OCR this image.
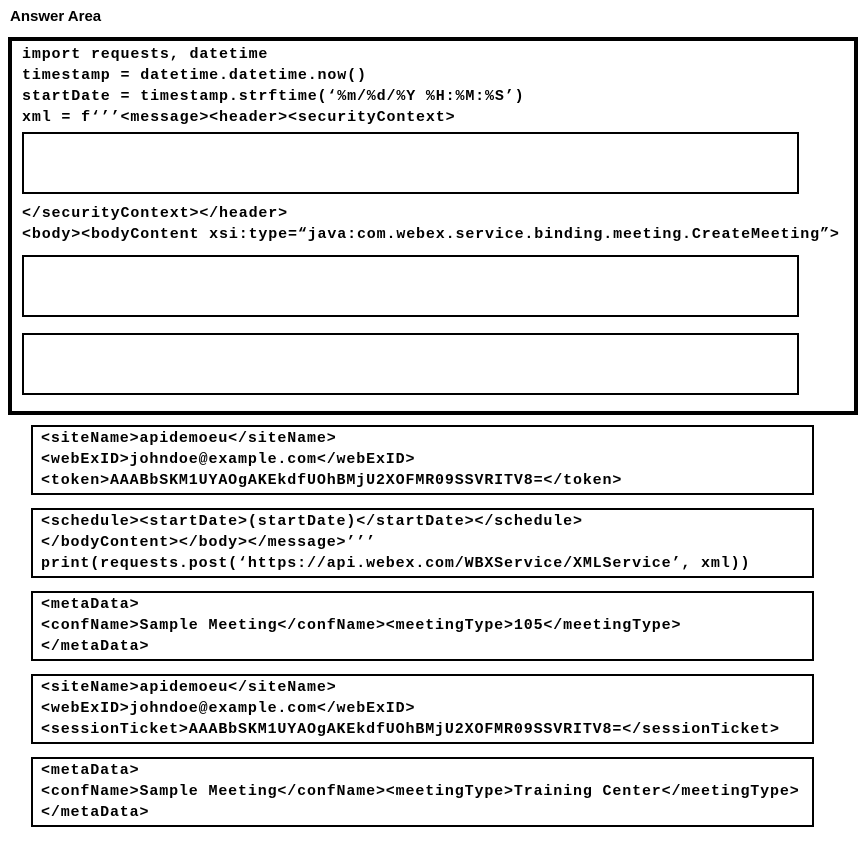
Answer Area
import requests, datetime
timestamp = datetime.datetime.now()
startDate = timestamp.strftime(‘%m/%d/%Y %H:%M:%S’)
xml = f‘’’<message><header><securityContext>
</securityContext></header>
<body><bodyContent xsi:type=“java:com.webex.service.binding.meeting.CreateMeeting”>
<siteName>apidemoeu</siteName>
<webExID>johndoe@example.com</webExID>
<token>AAABbSKM1UYAOgAKEkdfUOhBMjU2XOFMR09SSVRITV8=</token>
<schedule><startDate>(startDate)</startDate></schedule>
</bodyContent></body></message>’’’
print(requests.post(‘https://api.webex.com/WBXService/XMLService’, xml))
<metaData>
<confName>Sample Meeting</confName><meetingType>105</meetingType>
</metaData>
<siteName>apidemoeu</siteName>
<webExID>johndoe@example.com</webExID>
<sessionTicket>AAABbSKM1UYAOgAKEkdfUOhBMjU2XOFMR09SSVRITV8=</sessionTicket>
<metaData>
<confName>Sample Meeting</confName><meetingType>Training Center</meetingType>
</metaData>
